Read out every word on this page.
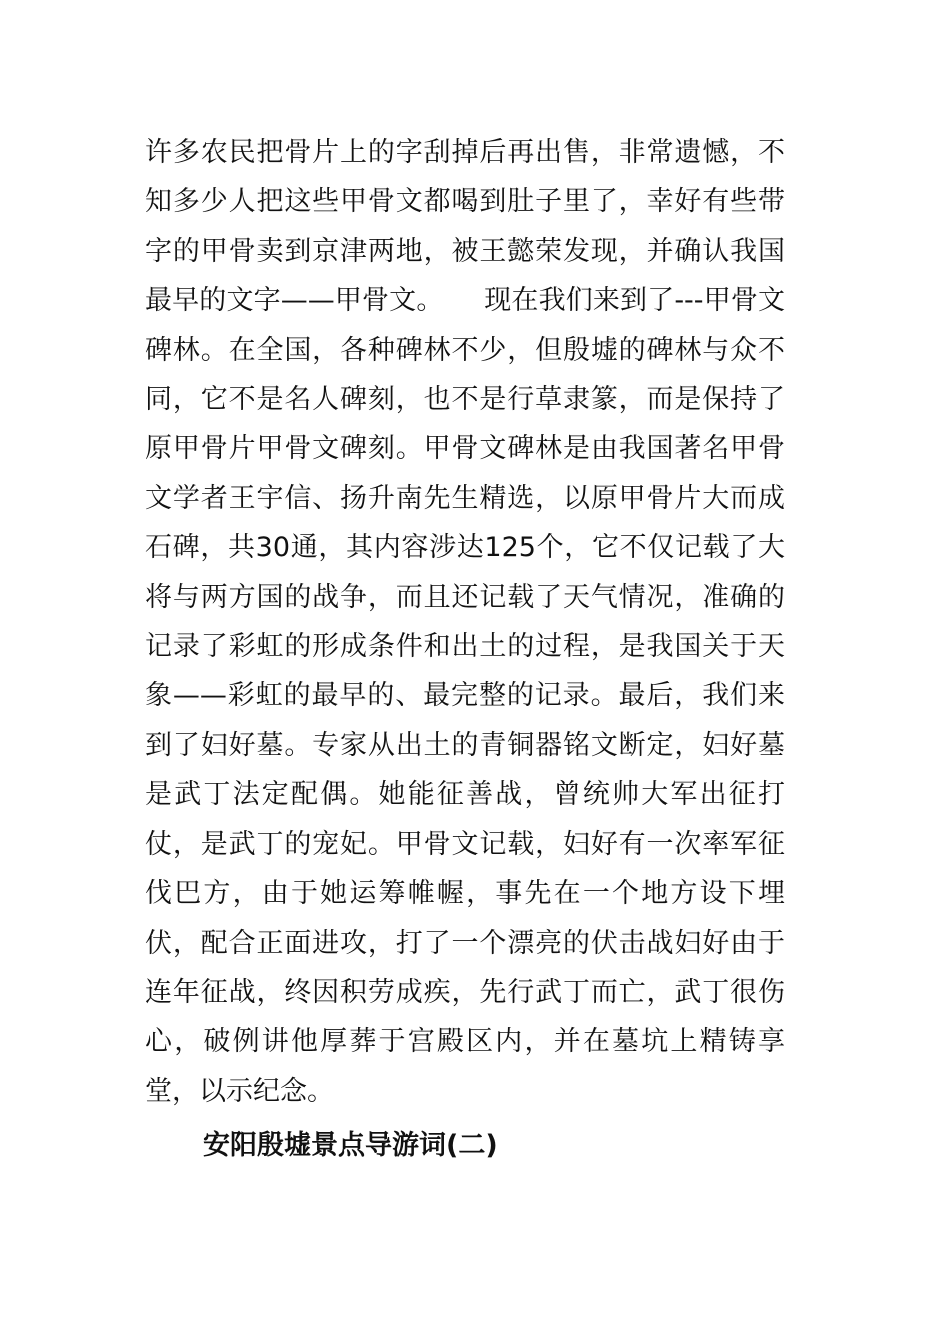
许多农民把骨片上的字刮掉后再出售，非常遗憾，不知多少人把这些甲骨文都喝到肚子里了，幸好有些带字的甲骨卖到京津两地，被王懿荣发现，并确认我国最早的文字——甲骨文。　　现在我们来到了---甲骨文碑林。在全国，各种碑林不少，但殷墟的碑林与众不同，它不是名人碑刻，也不是行草隶篆，而是保持了原甲骨片甲骨文碑刻。甲骨文碑林是由我国著名甲骨文学者王宇信、扬升南先生精选，以原甲骨片大而成石碑，共30通，其内容涉达125个，它不仅记载了大将与两方国的战争，而且还记载了天气情况，准确的记录了彩虹的形成条件和出土的过程，是我国关于天象——彩虹的最早的、最完整的记录。最后，我们来到了妇好墓。专家从出土的青铜器铭文断定，妇好墓是武丁法定配偶。她能征善战，曾统帅大军出征打仗，是武丁的宠妃。甲骨文记载，妇好有一次率军征伐巴方，由于她运筹帷幄，事先在一个地方设下埋伏，配合正面进攻，打了一个漂亮的伏击战妇好由于连年征战，终因积劳成疾，先行武丁而亡，武丁很伤心，破例讲他厚葬于宫殿区内，并在墓坑上精铸享堂，以示纪念。
安阳殷墟景点导游词(二)
